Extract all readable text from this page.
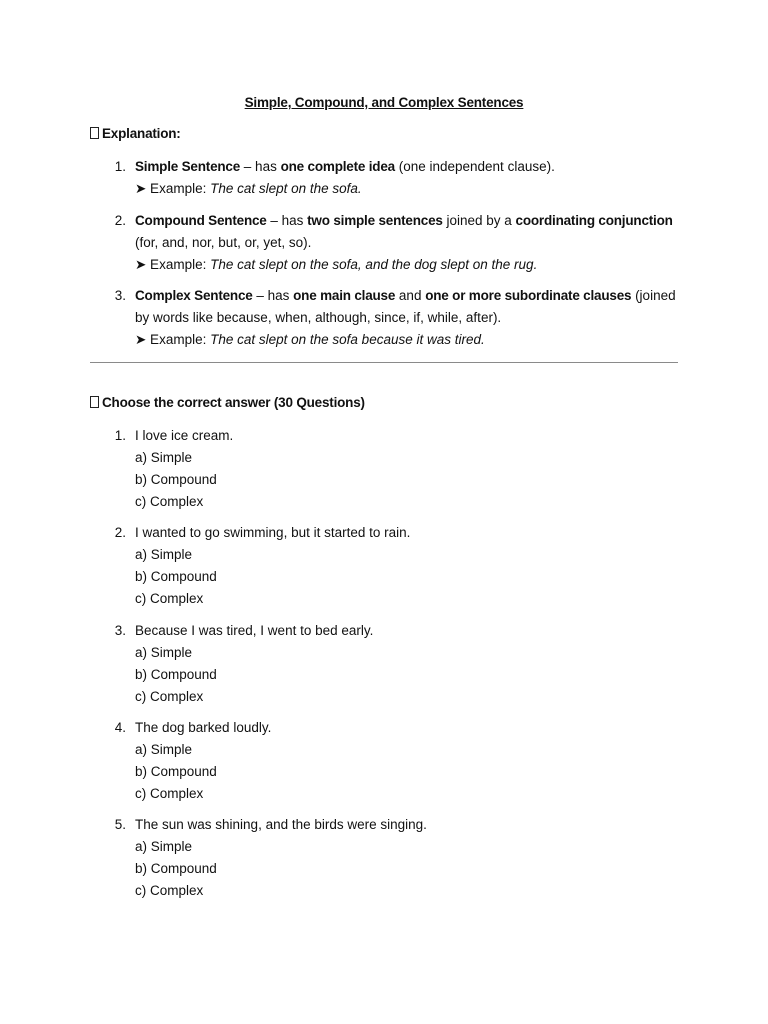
Simple, Compound, and Complex Sentences
Explanation:
1. Simple Sentence – has one complete idea (one independent clause).
➤ Example: The cat slept on the sofa.
2. Compound Sentence – has two simple sentences joined by a coordinating conjunction
(for, and, nor, but, or, yet, so).
➤ Example: The cat slept on the sofa, and the dog slept on the rug.
3. Complex Sentence – has one main clause and one or more subordinate clauses (joined by words like because, when, although, since, if, while, after).
➤ Example: The cat slept on the sofa because it was tired.
Choose the correct answer (30 Questions)
1. I love ice cream.
a) Simple
b) Compound
c) Complex
2. I wanted to go swimming, but it started to rain.
a) Simple
b) Compound
c) Complex
3. Because I was tired, I went to bed early.
a) Simple
b) Compound
c) Complex
4. The dog barked loudly.
a) Simple
b) Compound
c) Complex
5. The sun was shining, and the birds were singing.
a) Simple
b) Compound
c) Complex
